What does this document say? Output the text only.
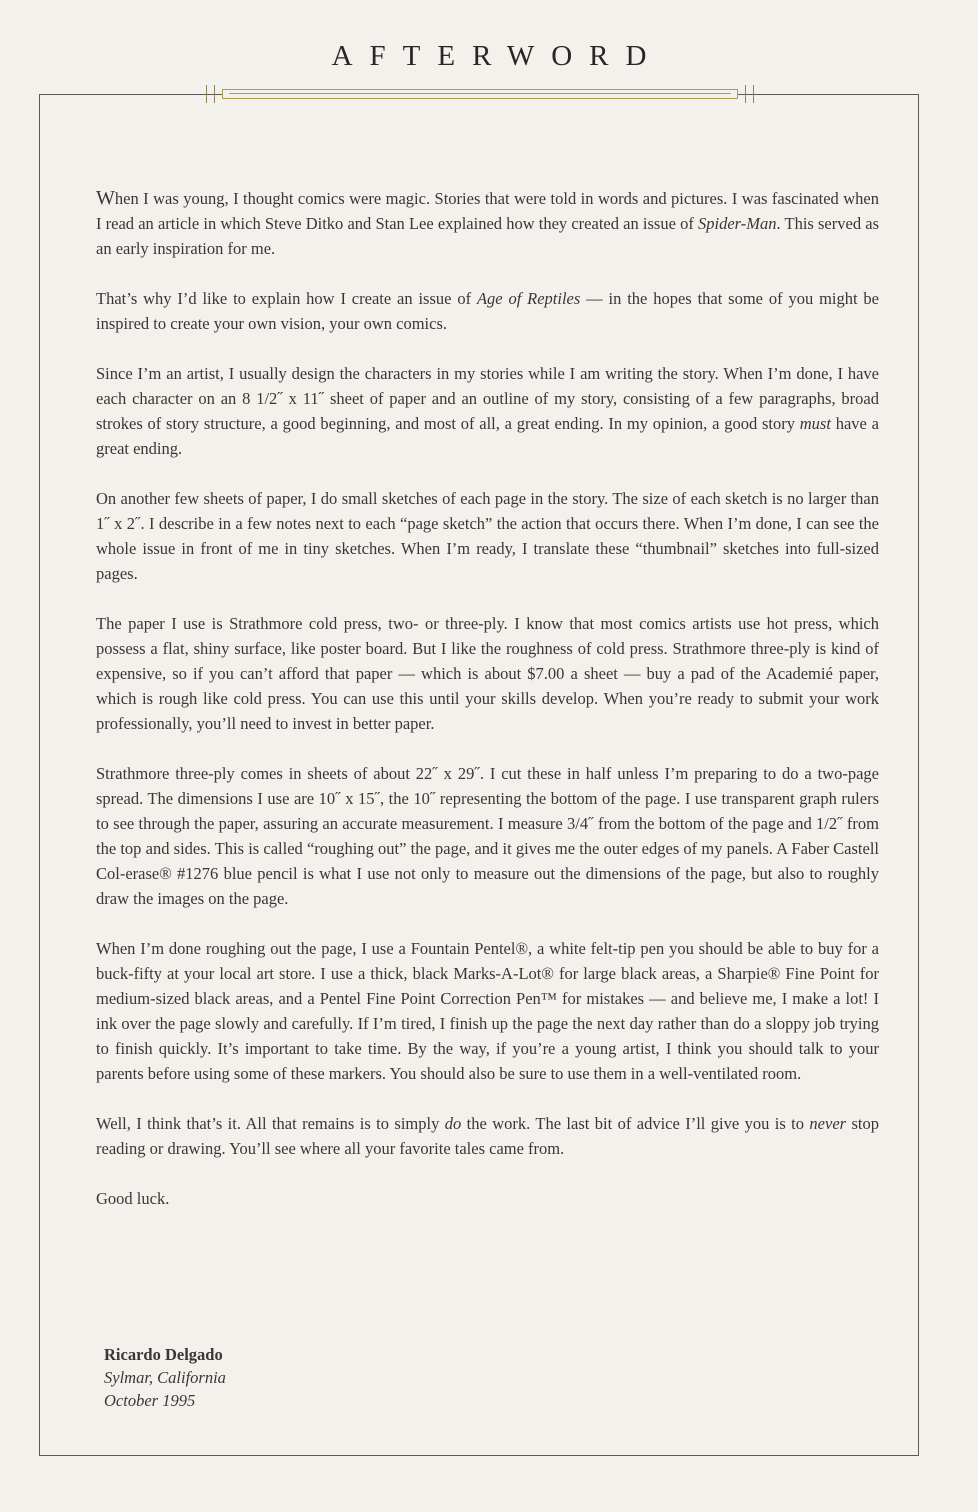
AFTERWORD

When I was young, I thought comics were magic. Stories that were told in words and pictures. I was fascinated when I read an article in which Steve Ditko and Stan Lee explained how they created an issue of Spider-Man. This served as an early inspiration for me.

That’s why I’d like to explain how I create an issue of Age of Reptiles — in the hopes that some of you might be inspired to create your own vision, your own comics.

Since I’m an artist, I usually design the characters in my stories while I am writing the story. When I’m done, I have each character on an 8 1/2˝ x 11˝ sheet of paper and an outline of my story, consisting of a few paragraphs, broad strokes of story structure, a good beginning, and most of all, a great ending. In my opinion, a good story must have a great ending.

On another few sheets of paper, I do small sketches of each page in the story. The size of each sketch is no larger than 1˝ x 2˝. I describe in a few notes next to each “page sketch” the action that occurs there. When I’m done, I can see the whole issue in front of me in tiny sketches. When I’m ready, I translate these “thumbnail” sketches into full-sized pages.

The paper I use is Strathmore cold press, two- or three-ply. I know that most comics artists use hot press, which possess a flat, shiny surface, like poster board. But I like the roughness of cold press. Strathmore three-ply is kind of expensive, so if you can’t afford that paper — which is about $7.00 a sheet — buy a pad of the Academié paper, which is rough like cold press. You can use this until your skills develop. When you’re ready to submit your work professionally, you’ll need to invest in better paper.

Strathmore three-ply comes in sheets of about 22˝ x 29˝. I cut these in half unless I’m preparing to do a two-page spread. The dimensions I use are 10˝ x 15˝, the 10˝ representing the bottom of the page. I use transparent graph rulers to see through the paper, assuring an accurate measurement. I measure 3/4˝ from the bottom of the page and 1/2˝ from the top and sides. This is called “roughing out” the page, and it gives me the outer edges of my panels. A Faber Castell Col-erase® #1276 blue pencil is what I use not only to measure out the dimensions of the page, but also to roughly draw the images on the page.

When I’m done roughing out the page, I use a Fountain Pentel®, a white felt-tip pen you should be able to buy for a buck-fifty at your local art store. I use a thick, black Marks-A-Lot® for large black areas, a Sharpie® Fine Point for medium-sized black areas, and a Pentel Fine Point Correction Pen™ for mistakes — and believe me, I make a lot! I ink over the page slowly and carefully. If I’m tired, I finish up the page the next day rather than do a sloppy job trying to finish quickly. It’s important to take time. By the way, if you’re a young artist, I think you should talk to your parents before using some of these markers. You should also be sure to use them in a well-ventilated room.

Well, I think that’s it. All that remains is to simply do the work. The last bit of advice I’ll give you is to never stop reading or drawing. You’ll see where all your favorite tales came from.

Good luck.

Ricardo Delgado
Sylmar, California
October 1995
